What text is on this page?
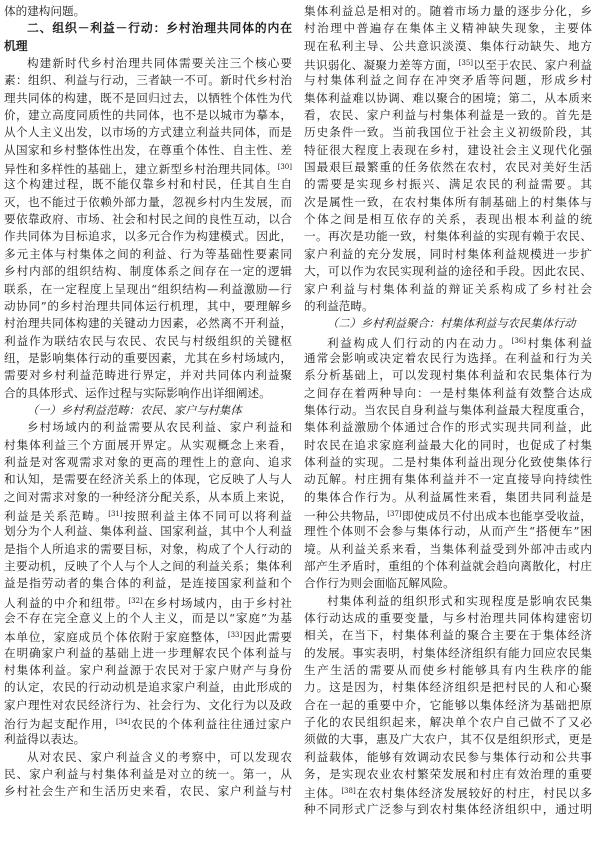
体的建构问题。
二、组织－利益－行动：乡村治理共同体的内在
机理
构建新时代乡村治理共同体需要关注三个核心要
素：组织、利益与行动，三者缺一不可。新时代乡村治
理共同体的构建，既不是回归过去，以牺牲个体性为代
价，建立高度同质性的共同体，也不是以城市为摹本，
从个人主义出发，以市场的方式建立利益共同体，而是
从国家和乡村整体性出发，在尊重个体性、自主性、差
异性和多样性的基础上，建立新型乡村治理共同体。[30]
这个构建过程，既不能仅靠乡村和村民，任其自生自
灭，也不能过于依赖外部力量，忽视乡村内生发展，而
要依靠政府、市场、社会和村民之间的良性互动，以合
作共同体为目标追求，以多元合作为构建模式。因此，
多元主体与村集体之间的利益、行为等基础性要素同
乡村内部的组织结构、制度体系之间存在一定的逻辑
联系，在一定程度上呈现出“组织结构—利益激励—行
动协同”的乡村治理共同体运行机理，其中，要理解乡
村治理共同体构建的关键动力因素，必然离不开利益，
利益作为联结农民与农民、农民与村级组织的关键枢
纽，是影响集体行动的重要因素，尤其在乡村场域内，
需要对乡村利益范畴进行界定，并对共同体内利益聚
合的具体形式、运作过程与实际影响作出详细阐述。
（一）乡村利益范畴：农民、家户与村集体
乡村场域内的利益需要从农民利益、家户利益和
村集体利益三个方面展开界定。从实观概念上来看，
利益是对客观需求对象的更高的理性上的意向、追求
和认知，是需要在经济关系上的体现，它反映了人与人
之间对需求对象的一种经济分配关系，从本质上来说，
利益是关系范畴。[31]按照利益主体不同可以将利益
划分为个人利益、集体利益、国家利益，其中个人利益
是指个人所追求的需要目标，对象，构成了个人行动的
主要动机，反映了个人与个人之间的利益关系；集体利
益是指劳动者的集合体的利益，是连接国家利益和个
人利益的中介和纽带。[32]在乡村场域内，由于乡村社
会不存在完全意义上的个人主义，而是以“家庭”为基
本单位，家庭成员个体依附于家庭整体，[33]因此需要
在明确家户利益的基础上进一步理解农民个体利益与
村集体利益。家户利益源于农民对于家户财产与身份
的认定，农民的行动动机是追求家户利益，由此形成的
家户理性对农民经济行为、社会行为、文化行为以及政
治行为起支配作用，[34]农民的个体利益往往通过家户
利益得以表达。
从对农民、家户利益含义的考察中，可以发现农
民、家户利益与村集体利益是对立的统一。第一，从
乡村社会生产和生活历史来看，农民、家户利益与村
集体利益总是相对的。随着市场力量的逐步分化，乡
村治理中普遍存在集体主义精神缺失现象，主要体
现在私利主导、公共意识淡漠、集体行动缺失、地方
共识弱化、凝聚力差等方面，[35]以至于农民、家户利益
与村集体利益之间存在冲突矛盾等问题，形成乡村
集体利益难以协调、难以聚合的困境；第二，从本质来
看，农民、家户利益与村集体利益是一致的。首先是
历史条件一致。当前我国位于社会主义初级阶段，其
特征很大程度上表现在乡村，建设社会主义现代化强
国最艰巨最繁重的任务依然在农村，农民对美好生活
的需要是实现乡村振兴、满足农民的利益需要。其
次是属性一致，在农村集体所有制基础上的村集体与
个体之间是相互依存的关系，表现出根本利益的统
一。再次是功能一致，村集体利益的实现有赖于农民、
家户利益的充分发展，同时村集体利益规模进一步扩
大，可以作为农民实现利益的途径和手段。因此农民、
家户利益与村集体利益的辩证关系构成了乡村社会
的利益范畴。
（二）乡村利益聚合：村集体利益与农民集体行动
利益构成人们行动的内在动力。[36]村集体利益
通常会影响或决定着农民行为选择。在利益和行为关
系分析基础上，可以发现村集体利益和农民集体行为
之间存在着两种导向：一是村集体利益有效整合达成
集体行动。当农民自身利益与集体利益最大程度重合，
集体利益激励个体通过合作的形式实现共同利益，此
时农民在追求家庭利益最大化的同时，也促成了村集
体利益的实现。二是村集体利益出现分化致使集体行
动瓦解。村庄拥有集体利益并不一定直接导向持续性
的集体合作行为。从利益属性来看，集团共同利益是
一种公共物品，[37]即使成员不付出成本也能享受收益，
理性个体则不会参与集体行动，从而产生“搭便车”困
境。从利益关系来看，当集体利益受到外部冲击或内
部产生矛盾时，重组的个体利益就会趋向离散化，村庄
合作行为则会面临瓦解风险。
村集体利益的组织形式和实现程度是影响农民集
体行动达成的重要变量，与乡村治理共同体构建密切
相关，在当下，村集体利益的聚合主要在于集体经济
的发展。事实表明，村集体经济组织有能力回应农民集
生产生活的需要从而使乡村能够具有内生秩序的能
力。这是因为，村集体经济组织是把村民的人和心聚
合在一起的重要中介，它能够以集体经济为基础把原
子化的农民组织起来，解决单个农户自己做不了又必
须做的大事，惠及广大农户，其不仅是组织形式，更是
利益载体，能够有效调动农民参与集体行动和公共事
务，是实现农业农村繁荣发展和村庄有效治理的重要
主体。[38]在农村集体经济发展较好的村庄，村民以多
种不同形式广泛参与到农村集体经济组织中，通过明
